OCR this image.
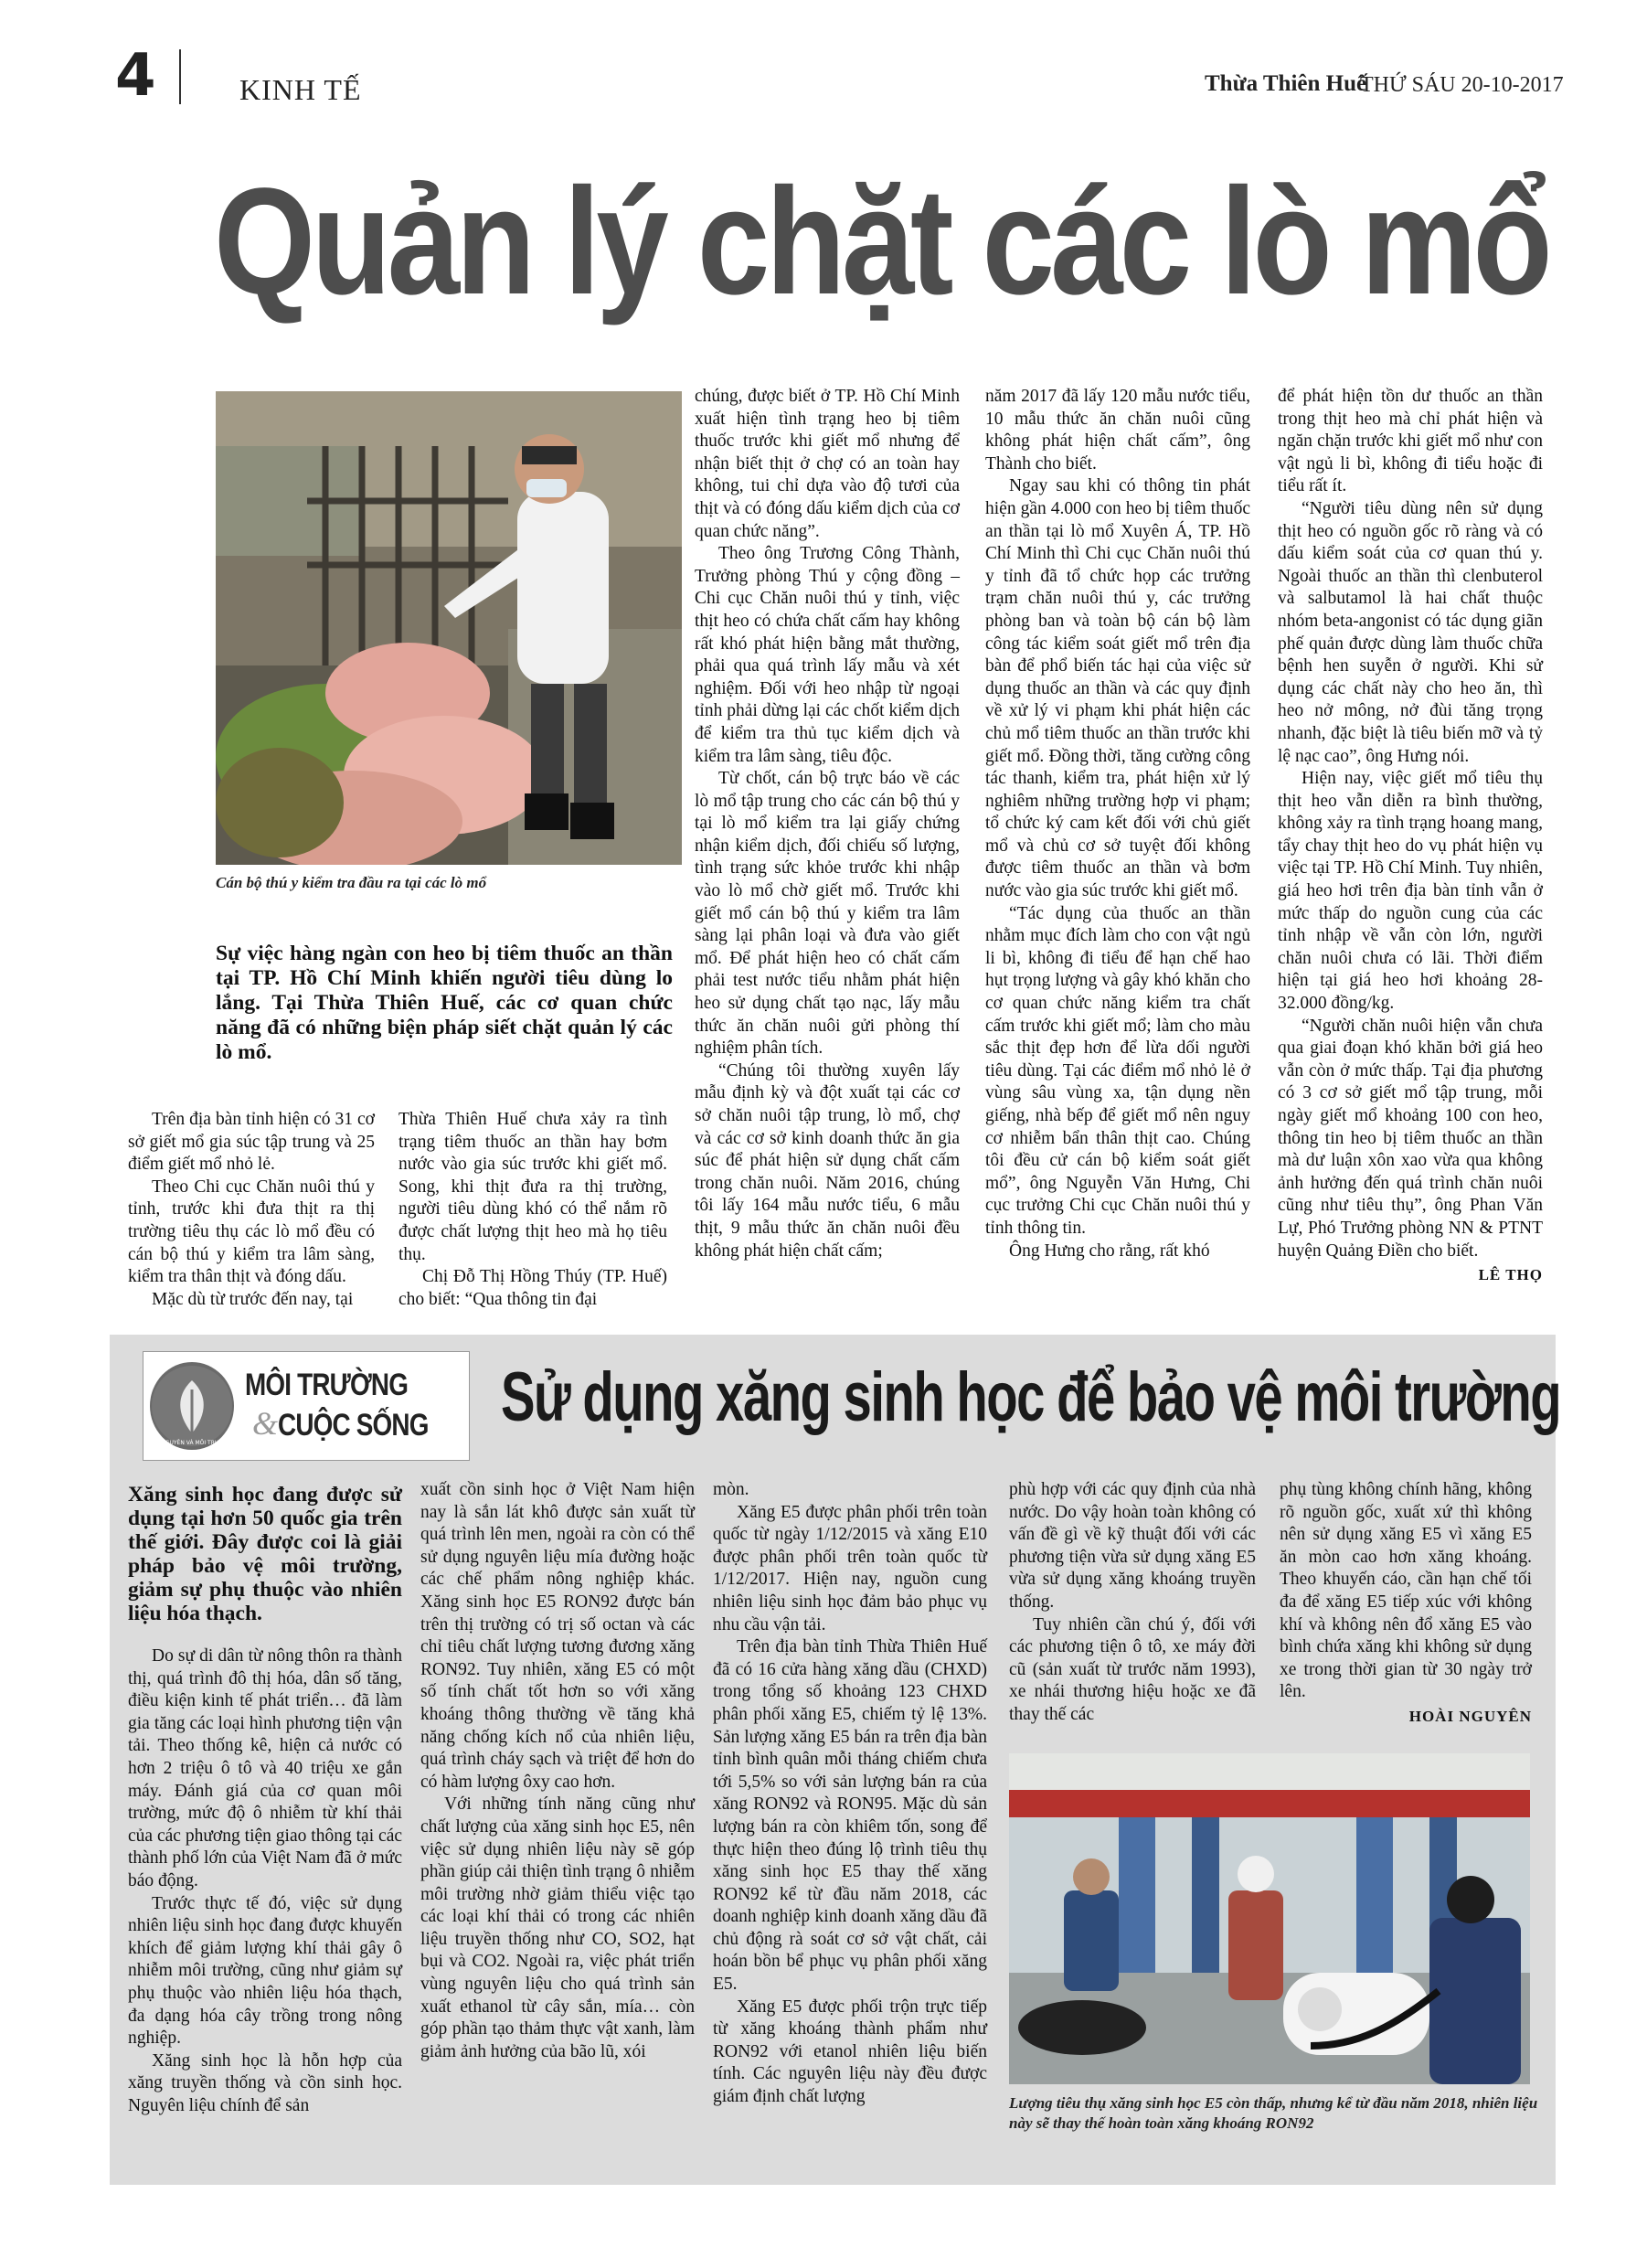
4	KINH TẾ	Thừa Thiên Huế
THỨ SÁU 20-10-2017
Quản lý chặt các lò mổ
Cán bộ thú y kiểm tra đầu ra tại các lò mổ
Sự việc hàng ngàn con heo bị tiêm thuốc an thần tại TP. Hồ Chí Minh khiến người tiêu dùng lo lắng. Tại Thừa Thiên Huế, các cơ quan chức năng đã có những biện pháp siết chặt quản lý các lò mổ.

Trên địa bàn tỉnh hiện có 31 cơ sở giết mổ gia súc tập trung và 25 điểm giết mổ nhỏ lẻ.

Theo Chi cục Chăn nuôi thú y tỉnh, trước khi đưa thịt ra thị trường tiêu thụ các lò mổ đều có cán bộ thú y kiểm tra lâm sàng, kiểm tra thân thịt và đóng dấu.

Mặc dù từ trước đến nay, tại

Thừa Thiên Huế chưa xảy ra tình trạng tiêm thuốc an thần hay bơm nước vào gia súc trước khi giết mổ. Song, khi thịt đưa ra thị trường, người tiêu dùng khó có thể nắm rõ được chất lượng thịt heo mà họ tiêu thụ.

Chị Đỗ Thị Hồng Thúy (TP. Huế) cho biết: “Qua thông tin đại

chúng, được biết ở TP. Hồ Chí Minh xuất hiện tình trạng heo bị tiêm thuốc trước khi giết mổ nhưng để nhận biết thịt ở chợ có an toàn hay không, tui chỉ dựa vào độ tươi của thịt và có đóng dấu kiểm dịch của cơ quan chức năng”.

Theo ông Trương Công Thành, Trưởng phòng Thú y cộng đồng – Chi cục Chăn nuôi thú y tỉnh, việc thịt heo có chứa chất cấm hay không rất khó phát hiện bằng mắt thường, phải qua quá trình lấy mẫu và xét nghiệm. Đối với heo nhập từ ngoại tỉnh phải dừng lại các chốt kiểm dịch để kiểm tra thủ tục kiểm dịch và kiểm tra lâm sàng, tiêu độc.

Từ chốt, cán bộ trực báo về các lò mổ tập trung cho các cán bộ thú y tại lò mổ kiểm tra lại giấy chứng nhận kiểm dịch, đối chiếu số lượng, tình trạng sức khỏe trước khi nhập vào lò mổ chờ giết mổ. Trước khi giết mổ cán bộ thú y kiểm tra lâm sàng lại phân loại và đưa vào giết mổ. Để phát hiện heo có chất cấm phải test nước tiểu nhằm phát hiện heo sử dụng chất tạo nạc, lấy mẫu thức ăn chăn nuôi gửi phòng thí nghiệm phân tích.

“Chúng tôi thường xuyên lấy mẫu định kỳ và đột xuất tại các cơ sở chăn nuôi tập trung, lò mổ, chợ và các cơ sở kinh doanh thức ăn gia súc để phát hiện sử dụng chất cấm trong chăn nuôi. Năm 2016, chúng tôi lấy 164 mẫu nước tiểu, 6 mẫu thịt, 9 mẫu thức ăn chăn nuôi đều không phát hiện chất cấm;

năm 2017 đã lấy 120 mẫu nước tiểu, 10 mẫu thức ăn chăn nuôi cũng không phát hiện chất cấm”, ông Thành cho biết.

Ngay sau khi có thông tin phát hiện gần 4.000 con heo bị tiêm thuốc an thần tại lò mổ Xuyên Á, TP. Hồ Chí Minh thì Chi cục Chăn nuôi thú y tỉnh đã tổ chức họp các trưởng trạm chăn nuôi thú y, các trưởng phòng ban và toàn bộ cán bộ làm công tác kiểm soát giết mổ trên địa bàn để phổ biến tác hại của việc sử dụng thuốc an thần và các quy định về xử lý vi phạm khi phát hiện các chủ mổ tiêm thuốc an thần trước khi giết mổ. Đồng thời, tăng cường công tác thanh, kiểm tra, phát hiện xử lý nghiêm những trường hợp vi phạm; tổ chức ký cam kết đối với chủ giết mổ và chủ cơ sở tuyệt đối không được tiêm thuốc an thần và bơm nước vào gia súc trước khi giết mổ.

“Tác dụng của thuốc an thần nhằm mục đích làm cho con vật ngủ li bì, không đi tiểu để hạn chế hao hụt trọng lượng và gây khó khăn cho cơ quan chức năng kiểm tra chất cấm trước khi giết mổ; làm cho màu sắc thịt đẹp hơn để lừa dối người tiêu dùng. Tại các điểm mổ nhỏ lẻ ở vùng sâu vùng xa, tận dụng nền giếng, nhà bếp để giết mổ nên nguy cơ nhiễm bẩn thân thịt cao. Chúng tôi đều cử cán bộ kiểm soát giết mổ”, ông Nguyễn Văn Hưng, Chi cục trưởng Chi cục Chăn nuôi thú y tỉnh thông tin.

Ông Hưng cho rằng, rất khó

để phát hiện tồn dư thuốc an thần trong thịt heo mà chỉ phát hiện và ngăn chặn trước khi giết mổ như con vật ngủ li bì, không đi tiểu hoặc đi tiểu rất ít.

“Người tiêu dùng nên sử dụng thịt heo có nguồn gốc rõ ràng và có dấu kiểm soát của cơ quan thú y. Ngoài thuốc an thần thì clenbuterol và salbutamol là hai chất thuộc nhóm beta-angonist có tác dụng giãn phế quản được dùng làm thuốc chữa bệnh hen suyễn ở người. Khi sử dụng các chất này cho heo ăn, thì heo nở mông, nở đùi tăng trọng nhanh, đặc biệt là tiêu biến mỡ và tỷ lệ nạc cao”, ông Hưng nói.

Hiện nay, việc giết mổ tiêu thụ thịt heo vẫn diễn ra bình thường, không xảy ra tình trạng hoang mang, tẩy chay thịt heo do vụ phát hiện vụ việc tại TP. Hồ Chí Minh. Tuy nhiên, giá heo hơi trên địa bàn tỉnh vẫn ở mức thấp do nguồn cung của các tỉnh nhập về vẫn còn lớn, người chăn nuôi chưa có lãi. Thời điểm hiện tại giá heo hơi khoảng 28-32.000 đồng/kg.

“Người chăn nuôi hiện vẫn chưa qua giai đoạn khó khăn bởi giá heo vẫn còn ở mức thấp. Tại địa phương có 3 cơ sở giết mổ tập trung, mỗi ngày giết mổ khoảng 100 con heo, thông tin heo bị tiêm thuốc an thần mà dư luận xôn xao vừa qua không ảnh hưởng đến quá trình chăn nuôi cũng như tiêu thụ”, ông Phan Văn Lự, Phó Trưởng phòng NN & PTNT huyện Quảng Điền cho biết.

LÊ THỌ

TÀI NGUYÊN VÀ MÔI TRƯỜNG
MÔI TRƯỜNG
& CUỘC SỐNG Sử dụng xăng sinh học để bảo vệ môi trường
Xăng sinh học đang được sử dụng tại hơn 50 quốc gia trên thế giới. Đây được coi là giải pháp bảo vệ môi trường, giảm sự phụ thuộc vào nhiên liệu hóa thạch.

Do sự di dân từ nông thôn ra thành thị, quá trình đô thị hóa, dân số tăng, điều kiện kinh tế phát triển… đã làm gia tăng các loại hình phương tiện vận tải. Theo thống kê, hiện cả nước có hơn 2 triệu ô tô và 40 triệu xe gắn máy. Đánh giá của cơ quan môi trường, mức độ ô nhiễm từ khí thải của các phương tiện giao thông tại các thành phố lớn của Việt Nam đã ở mức báo động.

Trước thực tế đó, việc sử dụng nhiên liệu sinh học đang được khuyến khích để giảm lượng khí thải gây ô nhiễm môi trường, cũng như giảm sự phụ thuộc vào nhiên liệu hóa thạch, đa dạng hóa cây trồng trong nông nghiệp.

Xăng sinh học là hỗn hợp của xăng truyền thống và cồn sinh học. Nguyên liệu chính để sản

xuất cồn sinh học ở Việt Nam hiện nay là sắn lát khô được sản xuất từ quá trình lên men, ngoài ra còn có thể sử dụng nguyên liệu mía đường hoặc các chế phẩm nông nghiệp khác. Xăng sinh học E5 RON92 được bán trên thị trường có trị số octan và các chỉ tiêu chất lượng tương đương xăng RON92. Tuy nhiên, xăng E5 có một số tính chất tốt hơn so với xăng khoáng thông thường về tăng khả năng chống kích nổ của nhiên liệu, quá trình cháy sạch và triệt để hơn do có hàm lượng ôxy cao hơn.

Với những tính năng cũng như chất lượng của xăng sinh học E5, nên việc sử dụng nhiên liệu này sẽ góp phần giúp cải thiện tình trạng ô nhiễm môi trường nhờ giảm thiểu việc tạo các loại khí thải có trong các nhiên liệu truyền thống như CO, SO2, hạt bụi và CO2. Ngoài ra, việc phát triển vùng nguyên liệu cho quá trình sản xuất ethanol từ cây sắn, mía… còn góp phần tạo thảm thực vật xanh, làm giảm ảnh hưởng của bão lũ, xói

mòn.

Xăng E5 được phân phối trên toàn quốc từ ngày 1/12/2015 và xăng E10 được phân phối trên toàn quốc từ 1/12/2017. Hiện nay, nguồn cung nhiên liệu sinh học đảm bảo phục vụ nhu cầu vận tải.

Trên địa bàn tỉnh Thừa Thiên Huế đã có 16 cửa hàng xăng dầu (CHXD) trong tổng số khoảng 123 CHXD phân phối xăng E5, chiếm tỷ lệ 13%. Sản lượng xăng E5 bán ra trên địa bàn tỉnh bình quân mỗi tháng chiếm chưa tới 5,5% so với sản lượng bán ra của xăng RON92 và RON95. Mặc dù sản lượng bán ra còn khiêm tốn, song để thực hiện theo đúng lộ trình tiêu thụ xăng sinh học E5 thay thế xăng RON92 kể từ đầu năm 2018, các doanh nghiệp kinh doanh xăng dầu đã chủ động rà soát cơ sở vật chất, cải hoán bồn bể phục vụ phân phối xăng E5.

Xăng E5 được phối trộn trực tiếp từ xăng khoáng thành phẩm như RON92 với etanol nhiên liệu biến tính. Các nguyên liệu này đều được giám định chất lượng

phù hợp với các quy định của nhà nước. Do vậy hoàn toàn không có vấn đề gì về kỹ thuật đối với các phương tiện vừa sử dụng xăng E5 vừa sử dụng xăng khoáng truyền thống.

Tuy nhiên cần chú ý, đối với các phương tiện ô tô, xe máy đời cũ (sản xuất từ trước năm 1993), xe nhái thương hiệu hoặc xe đã thay thế các

phụ tùng không chính hãng, không rõ nguồn gốc, xuất xứ thì không nên sử dụng xăng E5 vì xăng E5 ăn mòn cao hơn xăng khoáng. Theo khuyến cáo, cần hạn chế tối đa để xăng E5 tiếp xúc với không khí và không nên đổ xăng E5 vào bình chứa xăng khi không sử dụng xe trong thời gian từ 30 ngày trở lên.

HOÀI NGUYÊN

Lượng tiêu thụ xăng sinh học E5 còn thấp, nhưng kể từ đầu năm 2018, nhiên liệu này sẽ thay thế hoàn toàn xăng khoáng RON92
